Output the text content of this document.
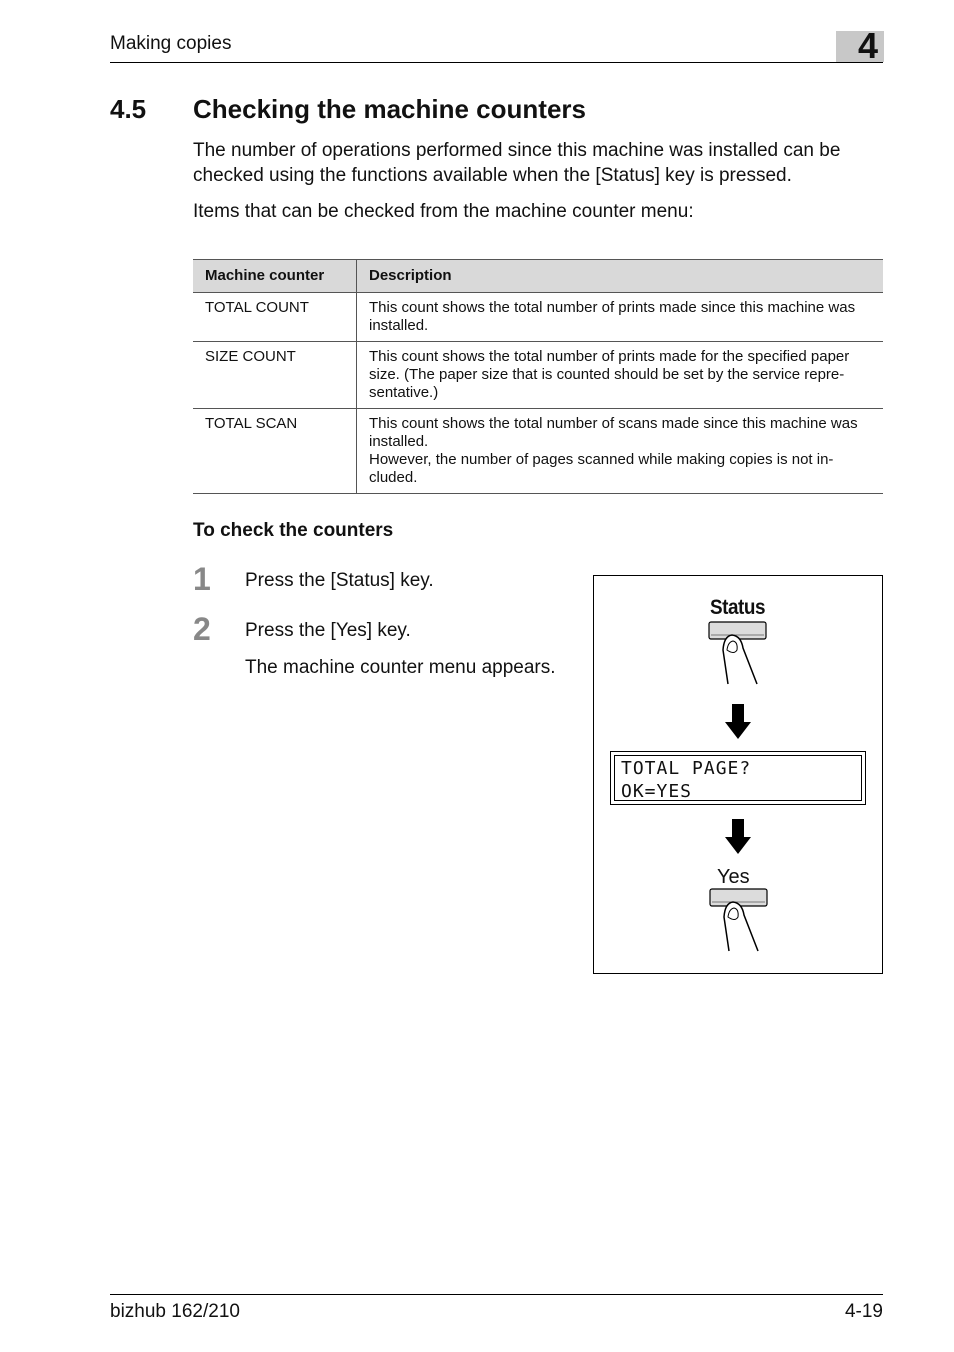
Making copies	4
4.5 Checking the machine counters
The number of operations performed since this machine was installed can be checked using the functions available when the [Status] key is pressed.
Items that can be checked from the machine counter menu:
Machine counter	Description
TOTAL COUNT	This count shows the total number of prints made since this machine was installed.

SIZE COUNT	This count shows the total number of prints made for the specified paper size. (The paper size that is counted should be set by the service repre-sentative.)

TOTAL SCAN	This count shows the total number of scans made since this machine was installed.
However, the number of pages scanned while making copies is not in-cluded.
To check the counters
1 Press the [Status] key.
2 Press the [Yes] key.
The machine counter menu appears.
Status
TOTAL PAGE?
OK=YES
Yes
bizhub 162/210	4-19
